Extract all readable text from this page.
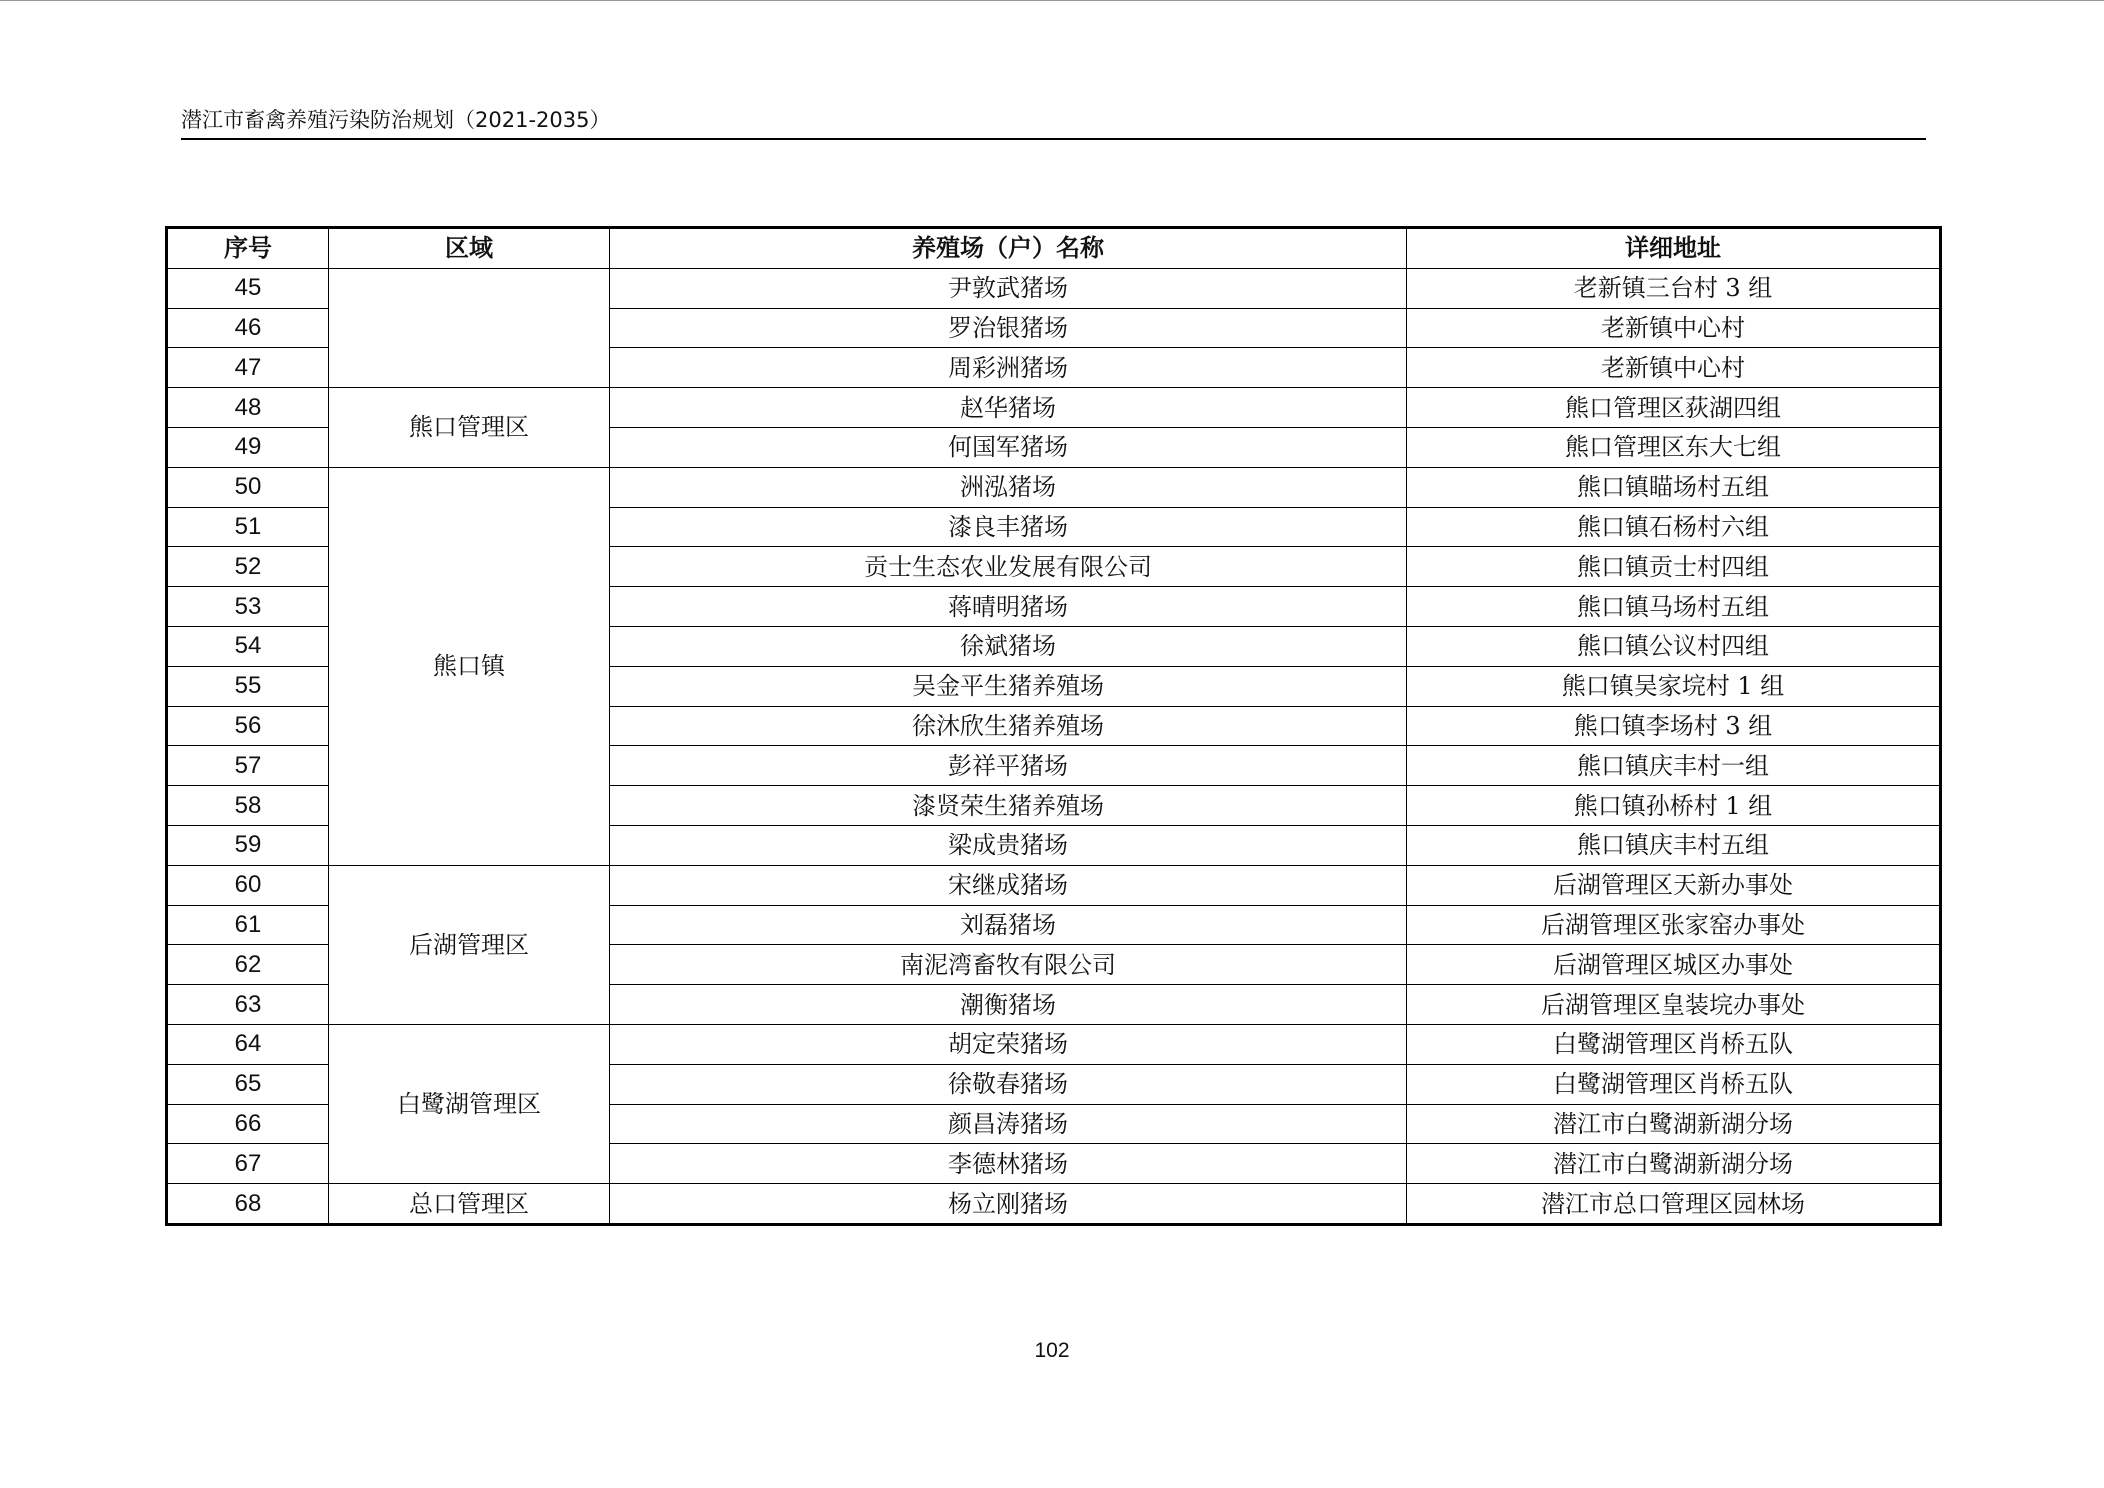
潜江市畜禽养殖污染防治规划（2021-2035）
序号	区域	养殖场（户）名称	详细地址
45		尹敦武猪场	老新镇三台村 3 组
46		罗治银猪场	老新镇中心村
47		周彩洲猪场	老新镇中心村
48	熊口管理区	赵华猪场	熊口管理区荻湖四组
49		何国军猪场	熊口管理区东大七组
50	熊口镇	洲泓猪场	熊口镇瞄场村五组
51		漆良丰猪场	熊口镇石杨村六组
52		贡士生态农业发展有限公司	熊口镇贡士村四组
53		蒋晴明猪场	熊口镇马场村五组
54		徐斌猪场	熊口镇公议村四组
55		吴金平生猪养殖场	熊口镇吴家垸村 1 组
56		徐沐欣生猪养殖场	熊口镇李场村 3 组
57		彭祥平猪场	熊口镇庆丰村一组
58		漆贤荣生猪养殖场	熊口镇孙桥村 1 组
59		梁成贵猪场	熊口镇庆丰村五组
60	后湖管理区	宋继成猪场	后湖管理区天新办事处
61		刘磊猪场	后湖管理区张家窑办事处
62		南泥湾畜牧有限公司	后湖管理区城区办事处
63		潮衡猪场	后湖管理区皇装垸办事处
64	白鹭湖管理区	胡定荣猪场	白鹭湖管理区肖桥五队
65		徐敬春猪场	白鹭湖管理区肖桥五队
66		颜昌涛猪场	潜江市白鹭湖新湖分场
67		李德林猪场	潜江市白鹭湖新湖分场
68	总口管理区	杨立刚猪场	潜江市总口管理区园林场
102
